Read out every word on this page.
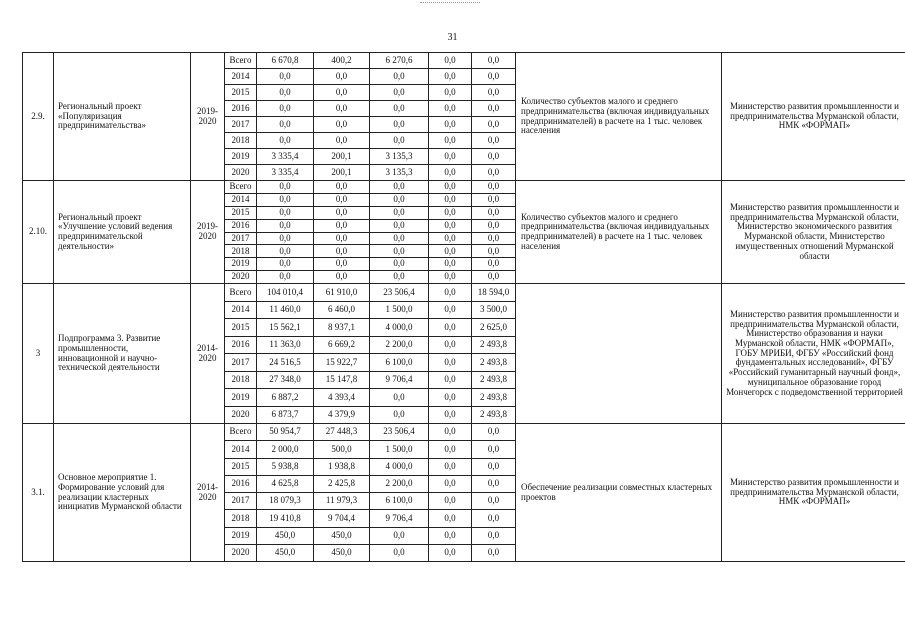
31
2.9.	Региональный проект «Популяризация предпринимательства»	2019-2020	Всего	6 670,8	400,2	6 270,6	0,0	0,0	Количество субъектов малого и среднего предпринимательства (включая индивидуальных предпринимателей) в расчете на 1 тыс. человек населения	Министерство развития промышленности и предпринимательства Мурманской области, НМК «ФОРМАП»
			2014	0,0	0,0	0,0	0,0	0,0		
			2015	0,0	0,0	0,0	0,0	0,0		
			2016	0,0	0,0	0,0	0,0	0,0		
			2017	0,0	0,0	0,0	0,0	0,0		
			2018	0,0	0,0	0,0	0,0	0,0		
			2019	3 335,4	200,1	3 135,3	0,0	0,0		
			2020	3 335,4	200,1	3 135,3	0,0	0,0		
2.10.	Региональный проект «Улучшение условий ведения предпринимательской деятельности»	2019-2020	Всего	0,0	0,0	0,0	0,0	0,0	Количество субъектов малого и среднего предпринимательства (включая индивидуальных предпринимателей) в расчете на 1 тыс. человек населения	Министерство развития промышленности и предпринимательства Мурманской области, Министерство экономического развития Мурманской области, Министерство имущественных отношений Мурманской области
			2014	0,0	0,0	0,0	0,0	0,0		
			2015	0,0	0,0	0,0	0,0	0,0		
			2016	0,0	0,0	0,0	0,0	0,0		
			2017	0,0	0,0	0,0	0,0	0,0		
			2018	0,0	0,0	0,0	0,0	0,0		
			2019	0,0	0,0	0,0	0,0	0,0		
			2020	0,0	0,0	0,0	0,0	0,0		
3	Подпрограмма 3. Развитие промышленности, инновационной и научно-технической деятельности	2014-2020	Всего	104 010,4	61 910,0	23 506,4	0,0	18 594,0		Министерство развития промышленности и предпринимательства Мурманской области, Министерство образования и науки Мурманской области, НМК «ФОРМАП», ГОБУ МРИБИ, ФГБУ «Российский фонд фундаментальных исследований», ФГБУ «Российский гуманитарный научный фонд», муниципальное образование город Мончегорск с подведомственной территорией
			2014	11 460,0	6 460,0	1 500,0	0,0	3 500,0		
			2015	15 562,1	8 937,1	4 000,0	0,0	2 625,0		
			2016	11 363,0	6 669,2	2 200,0	0,0	2 493,8		
			2017	24 516,5	15 922,7	6 100,0	0,0	2 493,8		
			2018	27 348,0	15 147,8	9 706,4	0,0	2 493,8		
			2019	6 887,2	4 393,4	0,0	0,0	2 493,8		
			2020	6 873,7	4 379,9	0,0	0,0	2 493,8		
3.1.	Основное мероприятие 1. Формирование условий для реализации кластерных инициатив Мурманской области	2014-2020	Всего	50 954,7	27 448,3	23 506,4	0,0	0,0	Обеспечение реализации совместных кластерных проектов	Министерство развития промышленности и предпринимательства Мурманской области, НМК «ФОРМАП»
			2014	2 000,0	500,0	1 500,0	0,0	0,0		
			2015	5 938,8	1 938,8	4 000,0	0,0	0,0		
			2016	4 625,8	2 425,8	2 200,0	0,0	0,0		
			2017	18 079,3	11 979,3	6 100,0	0,0	0,0		
			2018	19 410,8	9 704,4	9 706,4	0,0	0,0		
			2019	450,0	450,0	0,0	0,0	0,0		
			2020	450,0	450,0	0,0	0,0	0,0		
